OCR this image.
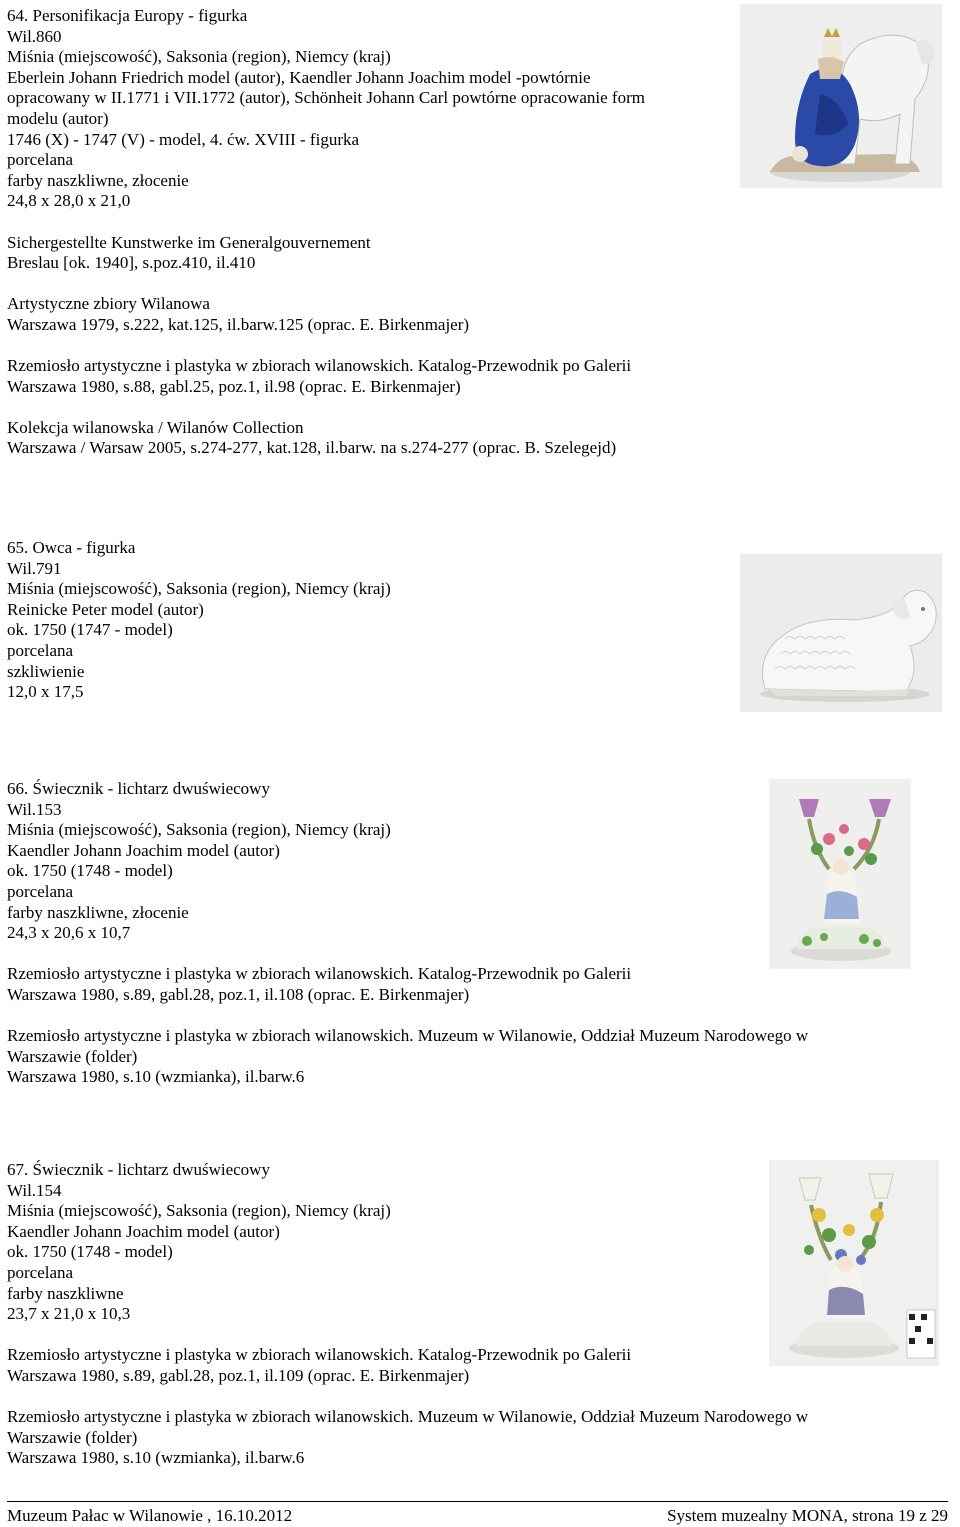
64. Personifikacja Europy - figurka
Wil.860
Miśnia (miejscowość), Saksonia (region), Niemcy (kraj)
Eberlein Johann Friedrich model (autor), Kaendler Johann Joachim model -powtórnie
opracowany w II.1771 i VII.1772 (autor), Schönheit Johann Carl powtórne opracowanie form
modelu (autor)
1746 (X) - 1747 (V) - model, 4. ćw. XVIII - figurka
porcelana
farby naszkliwne, złocenie
24,8 x 28,0 x 21,0
Sichergestellte Kunstwerke im Generalgouvernement
Breslau [ok. 1940], s.poz.410, il.410
Artystyczne zbiory Wilanowa
Warszawa 1979, s.222, kat.125, il.barw.125 (oprac. E. Birkenmajer)
Rzemiosło artystyczne i plastyka w zbiorach wilanowskich. Katalog-Przewodnik po Galerii
Warszawa 1980, s.88, gabl.25, poz.1, il.98 (oprac. E. Birkenmajer)
Kolekcja wilanowska / Wilanów Collection
Warszawa / Warsaw 2005, s.274-277, kat.128, il.barw. na s.274-277 (oprac. B. Szelegejd)

65. Owca - figurka
Wil.791
Miśnia (miejscowość), Saksonia (region), Niemcy (kraj)
Reinicke Peter model (autor)
ok. 1750 (1747 - model)
porcelana
szkliwienie
12,0 x 17,5

66. Świecznik - lichtarz dwuświecowy
Wil.153
Miśnia (miejscowość), Saksonia (region), Niemcy (kraj)
Kaendler Johann Joachim model (autor)
ok. 1750 (1748 - model)
porcelana
farby naszkliwne, złocenie
24,3 x 20,6 x 10,7
Rzemiosło artystyczne i plastyka w zbiorach wilanowskich. Katalog-Przewodnik po Galerii
Warszawa 1980, s.89, gabl.28, poz.1, il.108 (oprac. E. Birkenmajer)
Rzemiosło artystyczne i plastyka w zbiorach wilanowskich. Muzeum w Wilanowie, Oddział Muzeum Narodowego w
Warszawie (folder)
Warszawa 1980, s.10 (wzmianka), il.barw.6

67. Świecznik - lichtarz dwuświecowy
Wil.154
Miśnia (miejscowość), Saksonia (region), Niemcy (kraj)
Kaendler Johann Joachim model (autor)
ok. 1750 (1748 - model)
porcelana
farby naszkliwne
23,7 x 21,0 x 10,3
Rzemiosło artystyczne i plastyka w zbiorach wilanowskich. Katalog-Przewodnik po Galerii
Warszawa 1980, s.89, gabl.28, poz.1, il.109 (oprac. E. Birkenmajer)
Rzemiosło artystyczne i plastyka w zbiorach wilanowskich. Muzeum w Wilanowie, Oddział Muzeum Narodowego w
Warszawie (folder)
Warszawa 1980, s.10 (wzmianka), il.barw.6

Muzeum Pałac w Wilanowie , 16.10.2012	System muzealny MONA, strona 19 z 29
